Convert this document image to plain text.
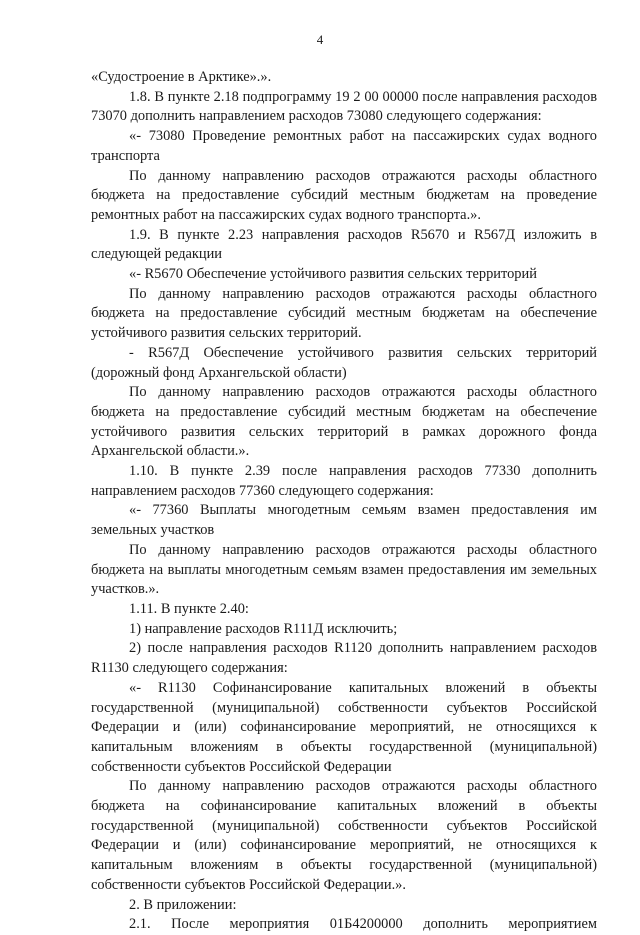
4

«Судостроение в Арктике».».

1.8. В пункте 2.18 подпрограмму 19 2 00 00000 после направления расходов 73070 дополнить направлением расходов 73080 следующего содержания:

«- 73080 Проведение ремонтных работ на пассажирских судах водного транспорта

По данному направлению расходов отражаются расходы областного бюджета на предоставление субсидий местным бюджетам на проведение ремонтных работ на пассажирских судах водного транспорта.».

1.9. В пункте 2.23 направления расходов R5670 и R567Д изложить в следующей редакции

«- R5670 Обеспечение устойчивого развития сельских территорий

По данному направлению расходов отражаются расходы областного бюджета на предоставление субсидий местным бюджетам на обеспечение устойчивого развития сельских территорий.

- R567Д Обеспечение устойчивого развития сельских территорий (дорожный фонд Архангельской области)

По данному направлению расходов отражаются расходы областного бюджета на предоставление субсидий местным бюджетам на обеспечение устойчивого развития сельских территорий в рамках дорожного фонда Архангельской области.».

1.10. В пункте 2.39 после направления расходов 77330 дополнить направлением расходов 77360 следующего содержания:

«- 77360 Выплаты многодетным семьям взамен предоставления им земельных участков

По данному направлению расходов отражаются расходы областного бюджета на выплаты многодетным семьям взамен предоставления им земельных участков.».

1.11. В пункте 2.40:

1) направление расходов R111Д исключить;

2) после направления расходов R1120 дополнить направлением расходов R1130 следующего содержания:

«- R1130 Софинансирование капитальных вложений в объекты государственной (муниципальной) собственности субъектов Российской Федерации и (или) софинансирование мероприятий, не относящихся к капитальным вложениям в объекты государственной (муниципальной) собственности субъектов Российской Федерации

По данному направлению расходов отражаются расходы областного бюджета на софинансирование капитальных вложений в объекты государственной (муниципальной) собственности субъектов Российской Федерации и (или) софинансирование мероприятий, не относящихся к капитальным вложениям в объекты государственной (муниципальной) собственности субъектов Российской Федерации.».

2. В приложении:

2.1. После мероприятия 01Б4200000 дополнить мероприятием
